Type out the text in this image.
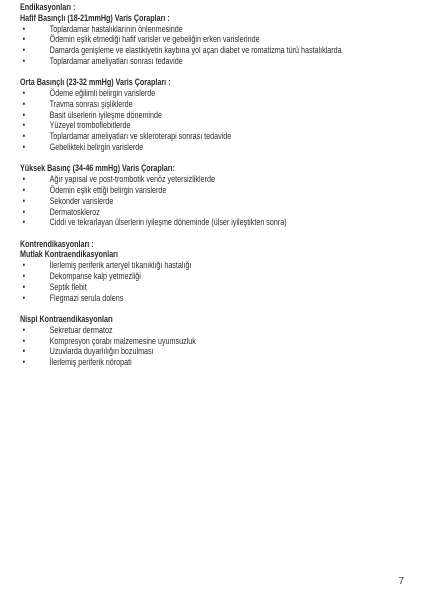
Endikasyonları :
Hafif Basınçlı (18-21mmHg) Varis Çorapları :
•	Toplardamar hastalıklarının önlenmesinde
•	Ödemin eşlik etmediği hafif varisler ve gebeliğin erken varislerinde
•	Damarda genişleme ve elastikiyetin kaybına yol açan diabet ve romatizma türü hastalıklarda
•	Toplardamar ameliyatları sonrası tedavide
Orta Basınçlı (23-32 mmHg) Varis Çorapları :
•	Ödeme eğilimli belirgin varislerde
•	Travma sonrası şişliklerde
•	Basit ülserlerin iyileşme döneminde
•	Yüzeyel tromboflebitlerde
•	Toplardamar ameliyatları ve skleroterapi sonrası tedavide
•	Gebelikteki belirgin varislerde
Yüksek Basınç (34-46 mmHg) Varis Çorapları:
•	Ağır yapısal ve post-trombotik venöz yetersizliklerde
•	Ödemin eşlik ettiği belirgin varislerde
•	Sekonder varislerde
•	Dermatoskleroz
•	Ciddi ve tekrarlayan ülserlerin iyileşme döneminde (ülser iyileştikten sonra)
Kontrendikasyonları :
Mutlak Kontraendikasyonları
•	İlerlemiş periferik arteryel tıkanıklığı hastalığı
•	Dekompanse kalp yetmezliği
•	Septik flebit
•	Flegmazi serula dolens
Nispi Kontraendikasyonları
•	Sekretuar dermatoz
•	Kompresyon çorabı malzemesine uyumsuzluk
•	Uzuvlarda duyarlılığın bozulması
•	İlerlemiş periferik nöropati
7
